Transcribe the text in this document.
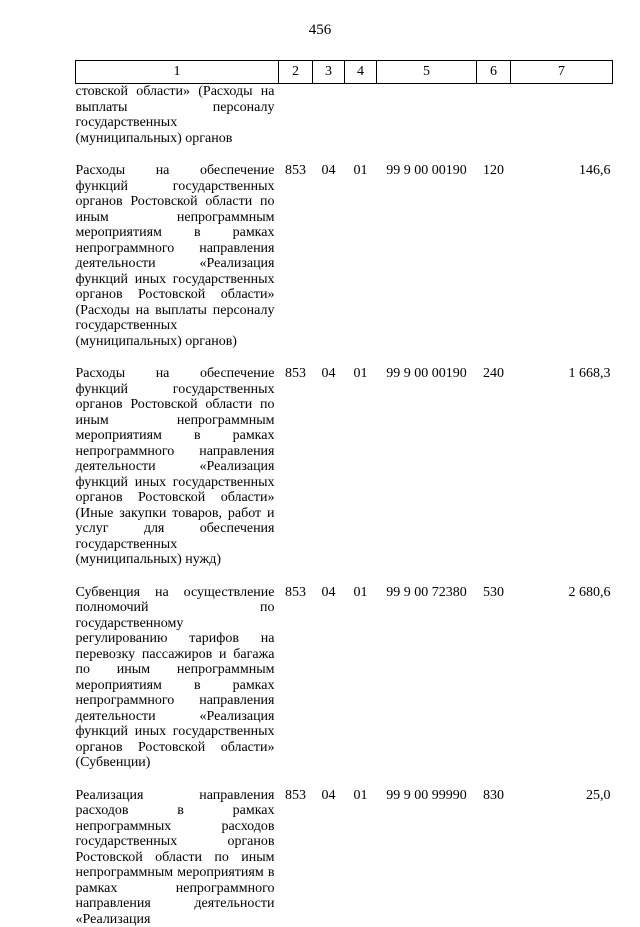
456
1	2	3	4	5	6	7
стовской области» (Расходы на выплаты персоналу государственных (муниципальных) органов						
Расходы на обеспечение функций государственных органов Ростовской области по иным непрограммным мероприятиям в рамках непрограммного направления деятельности «Реализация функций иных государственных органов Ростовской области» (Расходы на выплаты персоналу государственных (муниципальных) органов)	853	04	01	99 9 00 00190	120	146,6
Расходы на обеспечение функций государственных органов Ростовской области по иным непрограммным мероприятиям в рамках непрограммного направления деятельности «Реализация функций иных государственных органов Ростовской области» (Иные закупки товаров, работ и услуг для обеспечения государственных (муниципальных) нужд)	853	04	01	99 9 00 00190	240	1 668,3
Субвенция на осуществление полномочий по государственному регулированию тарифов на перевозку пассажиров и багажа по иным непрограммным мероприятиям в рамках непрограммного направления деятельности «Реализация функций иных государственных органов Ростовской области» (Субвенции)	853	04	01	99 9 00 72380	530	2 680,6
Реализация направления расходов в рамках непрограммных расходов государственных органов Ростовской области по иным непрограммным мероприятиям в рамках непрограммного направления деятельности «Реализация	853	04	01	99 9 00 99990	830	25,0
